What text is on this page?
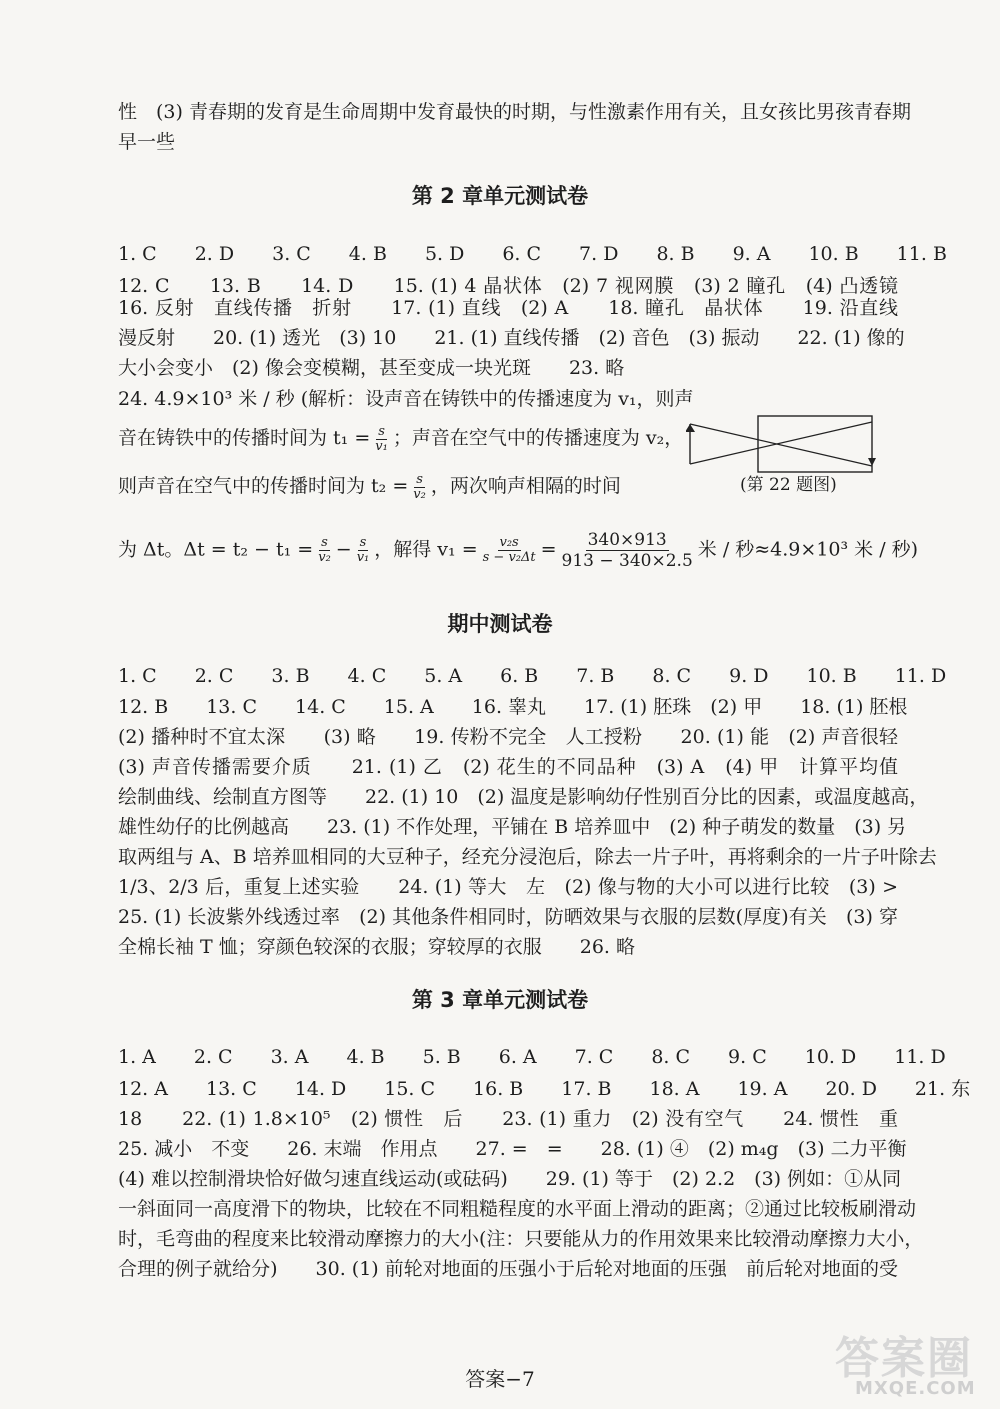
性　(3) 青春期的发育是生命周期中发育最快的时期，与性激素作用有关，且女孩比男孩青春期
早一些
第 2 章单元测试卷
1. C　　2. D　　3. C　　4. B　　5. D　　6. C　　7. D　　8. B　　9. A　　10. B　　11. B
12. C　　13. B　　14. D　　15. (1) 4 晶状体　(2) 7 视网膜　(3) 2 瞳孔　(4) 凸透镜
16. 反射　直线传播　折射　　17. (1) 直线　(2) A　　18. 瞳孔　晶状体　　19. 沿直线
漫反射　　20. (1) 透光　(3) 10　　21. (1) 直线传播　(2) 音色　(3) 振动　　22. (1) 像的
大小会变小　(2) 像会变模糊，甚至变成一块光斑　　23. 略
24. 4.9×10³ 米 / 秒 (解析：设声音在铸铁中的传播速度为 v₁，则声
音在铸铁中的传播时间为 $t_1 = \frac{s}{\text{v₁}}$ ；声音在空气中的传播速度为 v₂，
则声音在空气中的传播时间为 $t_2 = \frac{s}{\text{v₂}}$ ，两次响声相隔的时间
为 Δt。$\Delta t = t_2 - t_1 = \frac{s}{\text{v₂}} - \frac{s}{\text{v₁}}$ ，解得 $v_1 = \frac{\text{v₂s}}{\text{s − v₂Δt}} = \frac{340\times 913}{913 - 340\times 2.5}$ 米 / 秒≈4.9×10³ 米 / 秒)
(第 22 题图)
期中测试卷
1. C　　2. C　　3. B　　4. C　　5. A　　6. B　　7. B　　8. C　　9. D　　10. B　　11. D
12. B　　13. C　　14. C　　15. A　　16. 睾丸　　17. (1) 胚珠　(2) 甲　　18. (1) 胚根
(2) 播种时不宜太深　　(3) 略　　19. 传粉不完全　人工授粉　　20. (1) 能　(2) 声音很轻
(3) 声音传播需要介质　　21. (1) 乙　(2) 花生的不同品种　(3) A　(4) 甲　计算平均值
绘制曲线、绘制直方图等　　22. (1) 10　(2) 温度是影响幼仔性别百分比的因素，或温度越高，
雄性幼仔的比例越高　　23. (1) 不作处理，平铺在 B 培养皿中　(2) 种子萌发的数量　(3) 另
取两组与 A、B 培养皿相同的大豆种子，经充分浸泡后，除去一片子叶，再将剩余的一片子叶除去
1/3、2/3 后，重复上述实验　　24. (1) 等大　左　(2) 像与物的大小可以进行比较　(3) >
25. (1) 长波紫外线透过率　(2) 其他条件相同时，防晒效果与衣服的层数(厚度)有关　(3) 穿
全棉长袖 T 恤；穿颜色较深的衣服；穿较厚的衣服　　26. 略
第 3 章单元测试卷
1. A　　2. C　　3. A　　4. B　　5. B　　6. A　　7. C　　8. C　　9. C　　10. D　　11. D
12. A　　13. C　　14. D　　15. C　　16. B　　17. B　　18. A　　19. A　　20. D　　21. 东
18　　22. (1) 1.8×10⁵　(2) 惯性　后　　23. (1) 重力　(2) 没有空气　　24. 惯性　重
25. 减小　不变　　26. 末端　作用点　　27. =　=　　28. (1) ④　(2) m₄g　(3) 二力平衡
(4) 难以控制滑块恰好做匀速直线运动(或砝码)　　29. (1) 等于　(2) 2.2　(3) 例如：①从同
一斜面同一高度滑下的物块，比较在不同粗糙程度的水平面上滑动的距离；②通过比较板刷滑动
时，毛弯曲的程度来比较滑动摩擦力的大小(注：只要能从力的作用效果来比较滑动摩擦力大小，
合理的例子就给分)　　30. (1) 前轮对地面的压强小于后轮对地面的压强　前后轮对地面的受
答案−7	答案圈
MXQE.COM
